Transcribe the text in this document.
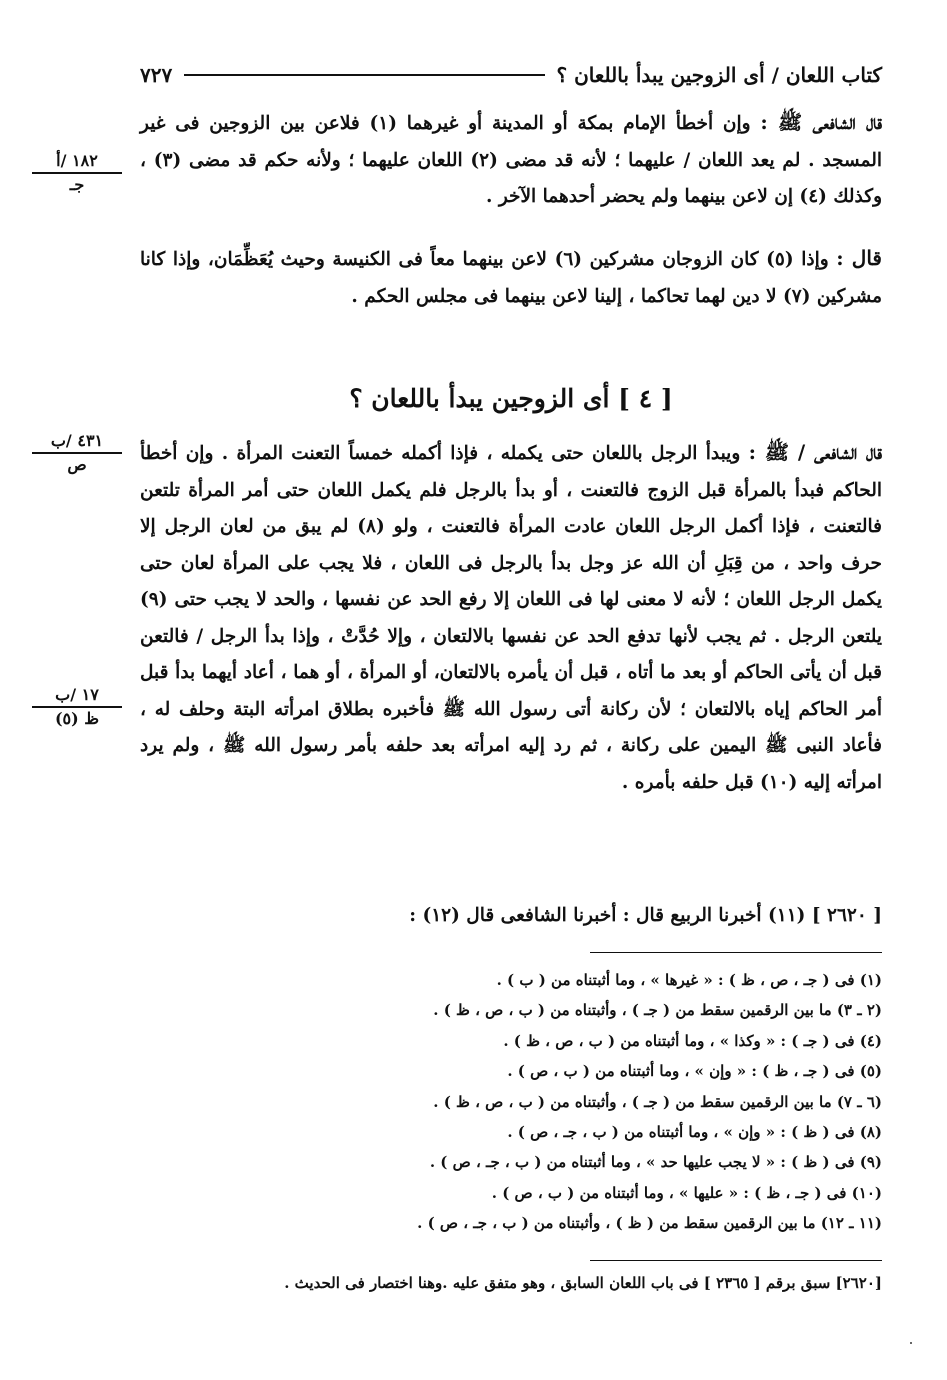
كتاب اللعان / أى الزوجين يبدأ باللعان ؟
٧٢٧
قال الشافعى ﷺ : وإن أخطأ الإمام بمكة أو المدينة أو غيرهما (١) فلاعن بين الزوجين فى غير المسجد . لم يعد اللعان / عليهما ؛ لأنه قد مضى (٢) اللعان عليهما ؛ ولأنه حكم قد مضى (٣) ، وكذلك (٤) إن لاعن بينهما ولم يحضر أحدهما الآخر .
قال : وإذا (٥) كان الزوجان مشركين (٦) لاعن بينهما معاً فى الكنيسة وحيث يُعَظِّمَان، وإذا كانا مشركين (٧) لا دين لهما تحاكما ، إلينا لاعن بينهما فى مجلس الحكم .
[ ٤ ] أى الزوجين يبدأ باللعان ؟
قال الشافعى / ﷺ : ويبدأ الرجل باللعان حتى يكمله ، فإذا أكمله خمساً التعنت المرأة . وإن أخطأ الحاكم فبدأ بالمرأة قبل الزوج فالتعنت ، أو بدأ بالرجل فلم يكمل اللعان حتى أمر المرأة تلتعن فالتعنت ، فإذا أكمل الرجل اللعان عادت المرأة فالتعنت ، ولو (٨) لم يبق من لعان الرجل إلا حرف واحد ، من قِبَلِ أن الله عز وجل بدأ بالرجل فى اللعان ، فلا يجب على المرأة لعان حتى يكمل الرجل اللعان ؛ لأنه لا معنى لها فى اللعان إلا رفع الحد عن نفسها ، والحد لا يجب حتى (٩) يلتعن الرجل . ثم يجب لأنها تدفع الحد عن نفسها بالالتعان ، وإلا حُدَّتْ ، وإذا بدأ الرجل / فالتعن قبل أن يأتى الحاكم أو بعد ما أتاه ، قبل أن يأمره بالالتعان، أو المرأة ، أو هما ، أعاد أيهما بدأ قبل أمر الحاكم إياه بالالتعان ؛ لأن ركانة أتى رسول الله ﷺ فأخبره بطلاق امرأته البتة وحلف له ، فأعاد النبى ﷺ اليمين على ركانة ، ثم رد إليه امرأته بعد حلفه بأمر رسول الله ﷺ ، ولم يرد امرأته إليه (١٠) قبل حلفه بأمره .
[ ٢٦٢٠ ] (١١) أخبرنا الربيع قال : أخبرنا الشافعى قال (١٢) :
١٨٢ /أ
جـ
٤٣١ /ب
ص
١٧ /ب
ظ (٥)
(١) فى ( جـ ، ص ، ظ ) : « غيرها » ، وما أثبتناه من ( ب ) .
(٢ ـ ٣) ما بين الرقمين سقط من ( جـ ) ، وأثبتناه من ( ب ، ص ، ظ ) .
(٤) فى ( جـ ) : « وكذا » ، وما أثبتناه من ( ب ، ص ، ظ ) .
(٥) فى ( جـ ، ظ ) : « وإن » ، وما أثبتناه من ( ب ، ص ) .
(٦ ـ ٧) ما بين الرقمين سقط من ( جـ ) ، وأثبتناه من ( ب ، ص ، ظ ) .
(٨) فى ( ظ ) : « وإن » ، وما أثبتناه من ( ب ، جـ ، ص ) .
(٩) فى ( ظ ) : « لا يجب عليها حد » ، وما أثبتناه من ( ب ، جـ ، ص ) .
(١٠) فى ( جـ ، ظ ) : « عليها » ، وما أثبتناه من ( ب ، ص ) .
(١١ ـ ١٢) ما بين الرقمين سقط من ( ظ ) ، وأثبتناه من ( ب ، جـ ، ص ) .
[٢٦٢٠] سبق برقم [ ٢٣٦٥ ] فى باب اللعان السابق ، وهو متفق عليه .وهنا اختصار فى الحديث .
